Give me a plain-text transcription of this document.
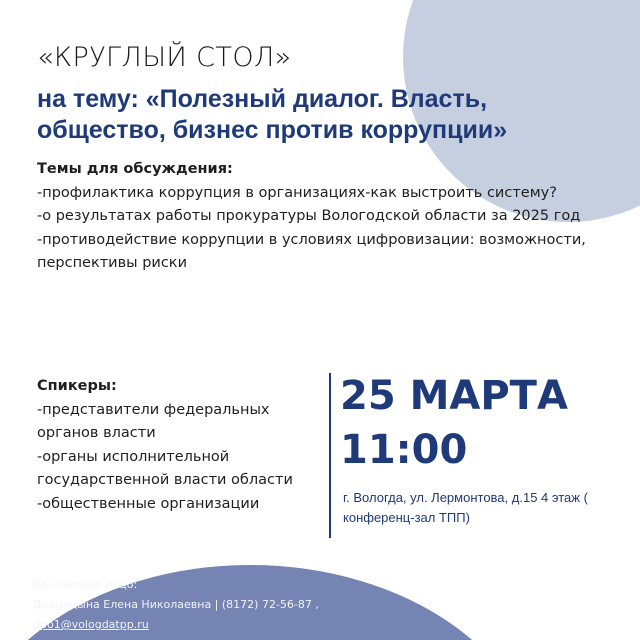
«КРУГЛЫЙ СТОЛ»
на тему: «Полезный диалог. Власть, общество, бизнес против коррупции»
Темы для обсуждения:
-профилактика коррупция в организациях-как выстроить систему?
-о результатах работы прокуратуры Вологодской области за 2025 год
-противодействие коррупции в условиях цифровизации: возможности, перспективы риски
Спикеры:
-представители федеральных органов власти
-органы исполнительной государственной власти области
-общественные организации
25 МАРТА
11:00
г. Вологда, ул. Лермонтова, д.15 4 этаж ( конференц-зал ТПП)
Контактное лицо:
Драницына Елена Николаевна | (8172) 72-56-87 ,
dpo1@vologdatpp.ru
